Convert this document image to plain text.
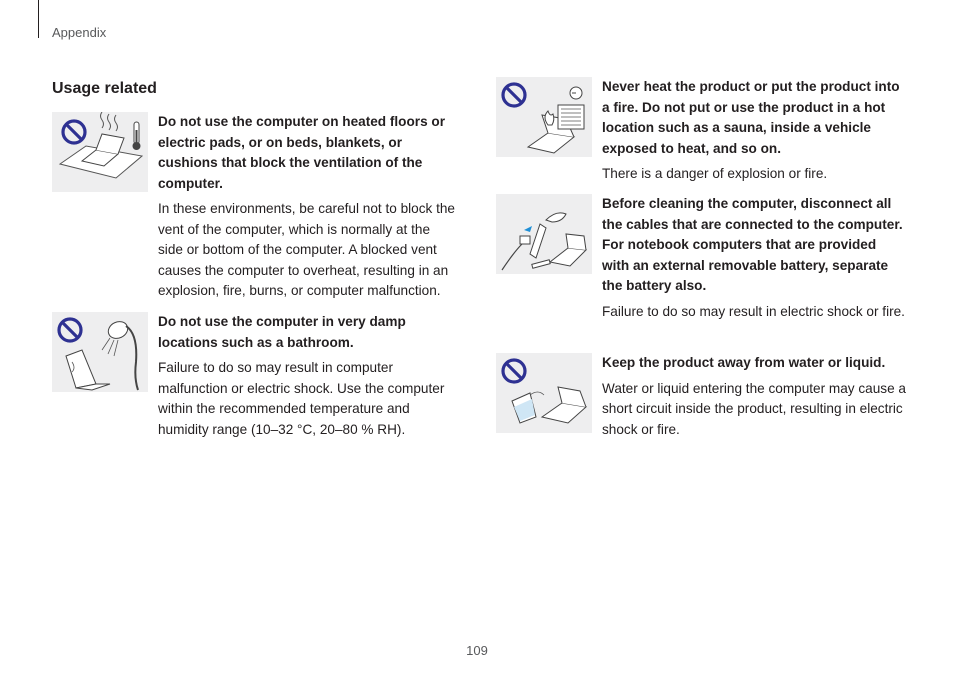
Appendix
Usage related

Do not use the computer on heated floors or electric pads, or on beds, blankets, or cushions that block the ventilation of the computer.

In these environments, be careful not to block the vent of the computer, which is normally at the side or bottom of the computer. A blocked vent causes the computer to overheat, resulting in an explosion, fire, burns, or computer malfunction.

Do not use the computer in very damp locations such as a bathroom.

Failure to do so may result in computer malfunction or electric shock. Use the computer within the recommended temperature and humidity range (10–32 °C, 20–80 % RH).

Never heat the product or put the product into a fire. Do not put or use the product in a hot location such as a sauna, inside a vehicle exposed to heat, and so on.

There is a danger of explosion or fire.

Before cleaning the computer, disconnect all the cables that are connected to the computer. For notebook computers that are provided with an external removable battery, separate the battery also.

Failure to do so may result in electric shock or fire.

Keep the product away from water or liquid.

Water or liquid entering the computer may cause a short circuit inside the product, resulting in electric shock or fire.

109
